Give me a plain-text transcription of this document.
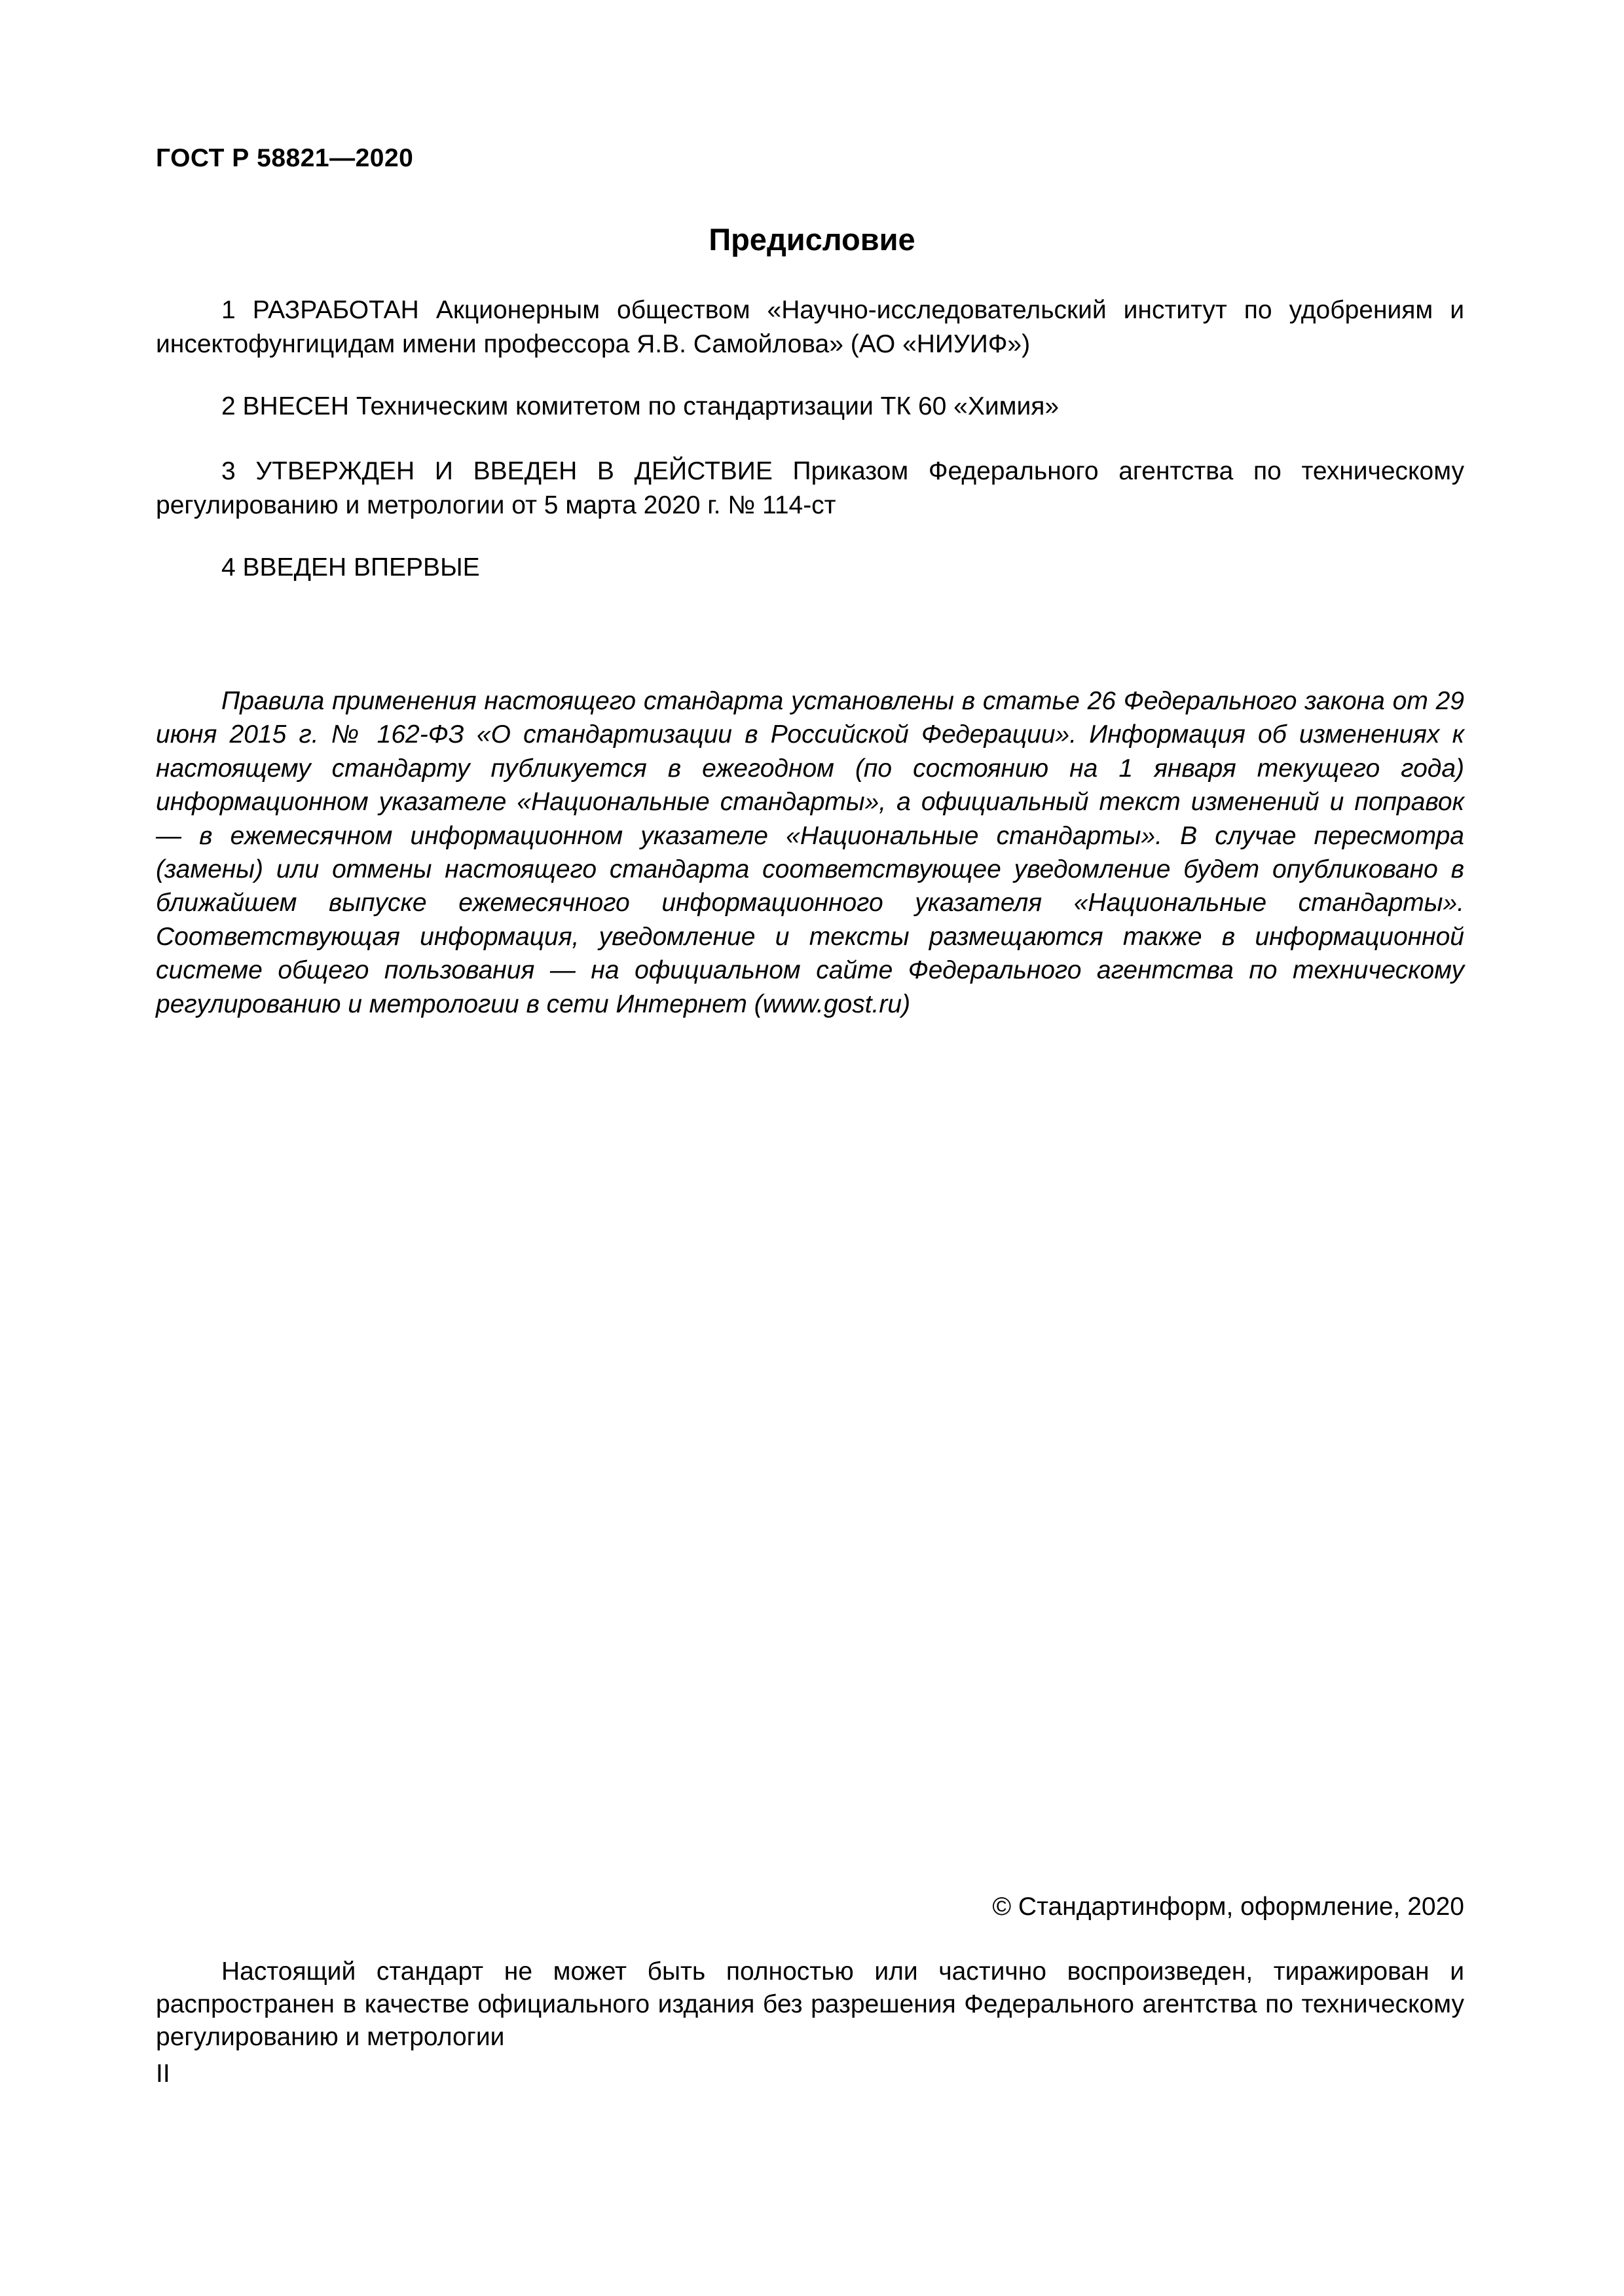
ГОСТ Р 58821—2020
Предисловие
1 РАЗРАБОТАН Акционерным обществом «Научно-исследовательский институт по удобрениям и инсектофунгицидам имени профессора Я.В. Самойлова» (АО «НИУИФ»)
2 ВНЕСЕН Техническим комитетом по стандартизации ТК 60 «Химия»
3 УТВЕРЖДЕН И ВВЕДЕН В ДЕЙСТВИЕ Приказом Федерального агентства по техническому регулированию и метрологии от 5 марта 2020 г. № 114-ст
4 ВВЕДЕН ВПЕРВЫЕ
Правила применения настоящего стандарта установлены в статье 26 Федерального закона от 29 июня 2015 г. № 162-ФЗ «О стандартизации в Российской Федерации». Информация об изменениях к настоящему стандарту публикуется в ежегодном (по состоянию на 1 января текущего года) информационном указателе «Национальные стандарты», а официальный текст изменений и поправок — в ежемесячном информационном указателе «Национальные стандарты». В случае пересмотра (замены) или отмены настоящего стандарта соответствующее уведомление будет опубликовано в ближайшем выпуске ежемесячного информационного указателя «Национальные стандарты». Соответствующая информация, уведомление и тексты размещаются также в информационной системе общего пользования — на официальном сайте Федерального агентства по техническому регулированию и метрологии в сети Интернет (www.gost.ru)
© Стандартинформ, оформление, 2020
Настоящий стандарт не может быть полностью или частично воспроизведен, тиражирован и распространен в качестве официального издания без разрешения Федерального агентства по техническому регулированию и метрологии
II
